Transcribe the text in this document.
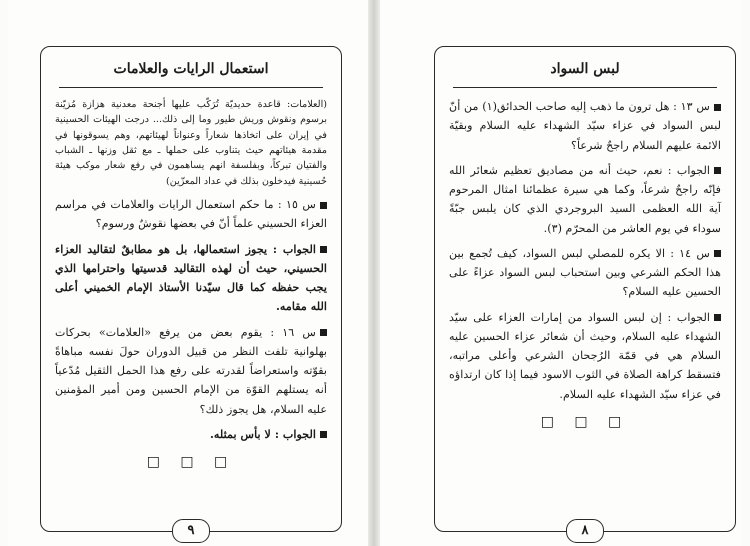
استعمال الرايات والعلامات

(العلامات: قاعدة حديديّة تُرَكّب عليها أجنحة معدنية هزازة مُزيّنة برسوم ونقوش وريش طيور وما إلى ذلك... درجت الهيئات الحسينية في إيران على اتخاذها شعاراً وعنواناً لهيئاتهم، وهم يسوقونها في مقدمة هيئاتهم حيث يتناوب على حملها ـ مع ثقل وزنها ـ الشباب والفتيان تبركاً، وبفلسفة انهم يساهمون في رفع شعار موكب هيئة حُسينية فيدخلون بذلك في عداد المعزّين)

س ١٥ : ما حكم استعمال الرايات والعلامات في مراسم العزاء الحسيني علماً أنّ في بعضها نقوشٌ ورسوم؟

الجواب : يجوز استعمالها، بل هو مطابقٌ لتقاليد العزاء الحسيني، حيث أن لهذه التقاليد قدسيتها واحترامها الذي يجب حفظه كما قال سيّدنا الأستاذ الإمام الخميني أعلى الله مقامه.

س ١٦ : يقوم بعض من يرفع «العلامات» بحركات بهلوانية تلفت النظر من قبيل الدوران حولَ نفسه مباهاةً بقوّته واستعراضاً لقدرته على رفع هذا الحمل الثقيل مُدّعياً أنه يستلهم القوّة من الإمام الحسين ومن أمير المؤمنين عليه السلام، هل يجوز ذلك؟

الجواب : لا بأس بمثله.

□ □ □
٩
لبس السواد

س ١٣ : هل ترون ما ذهب إليه صاحب الحدائق(١) من أنّ لبس السواد في عزاء سيّد الشهداء عليه السلام وبقيّة الائمة عليهم السلام راجحٌ شرعاً؟

الجواب : نعم، حيث أنه من مصاديق تعظيم شعائر الله فإنّه راجحٌ شرعاً، وكما هي سيرة عظمائنا امثال المرحوم آية الله العظمى السيد البروجردي الذي كان يلبس جبّةً سوداء في يوم العاشر من المحرّم (٣).

س ١٤ : الا يكره للمصلي لبس السواد، كيف تُجمع بين هذا الحكم الشرعي وبين استحباب لبس السواد عزاءً على الحسين عليه السلام؟

الجواب : إن لبس السواد من إمارات العزاء على سيّد الشهداء عليه السلام، وحيث أن شعائر عزاء الحسين عليه السلام هي في قمّة الرُجحان الشرعي وأعلى مراتبه، فتسقط كراهة الصلاة في الثوب الاسود فيما إذا كان ارتداؤه في عزاء سيّد الشهداء عليه السلام.

□ □ □
٨
